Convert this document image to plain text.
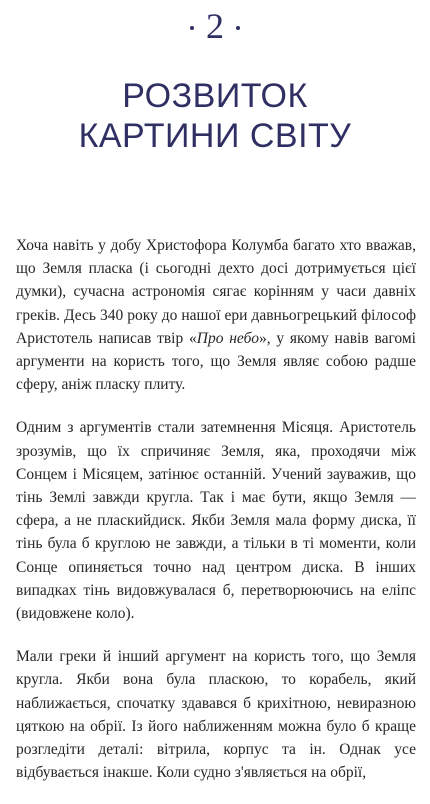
2
РОЗВИТОК
КАРТИНИ СВІТУ

Хоча навіть у добу Христофора Колумба багато хто вважав, що Земля пласка (і сьогодні дехто досі дотримується цієї думки), сучасна астрономія сягає корінням у часи давніх греків. Десь 340 року до нашої ери давньогрецький філософ Аристотель написав твір «Про небо», у якому навів вагомі аргументи на користь того, що Земля являє собою радше сферу, аніж пласку плиту.

Одним з аргументів стали затемнення Місяця. Аристотель зрозумів, що їх спричиняє Земля, яка, проходячи між Сонцем і Місяцем, затінює останній. Учений зауважив, що тінь Землі завжди кругла. Так і має бути, якщо Земля — сфера, а не пласкийдиск. Якби Земля мала форму диска, її тінь була б круглою не завжди, а тільки в ті моменти, коли Сонце опиняється точно над центром диска. В інших випадках тінь видовжувалася б, перетворюючись на еліпс (видовжене коло).

Мали греки й інший аргумент на користь того, що Земля кругла. Якби вона була пласкою, то корабель, який наближається, спочатку здавався б крихітною, невиразною цяткою на обрії. Із його наближенням можна було б краще розгледіти деталі: вітрила, корпус та ін. Однак усе відбувається інакше. Коли судно з'являється на обрії,
